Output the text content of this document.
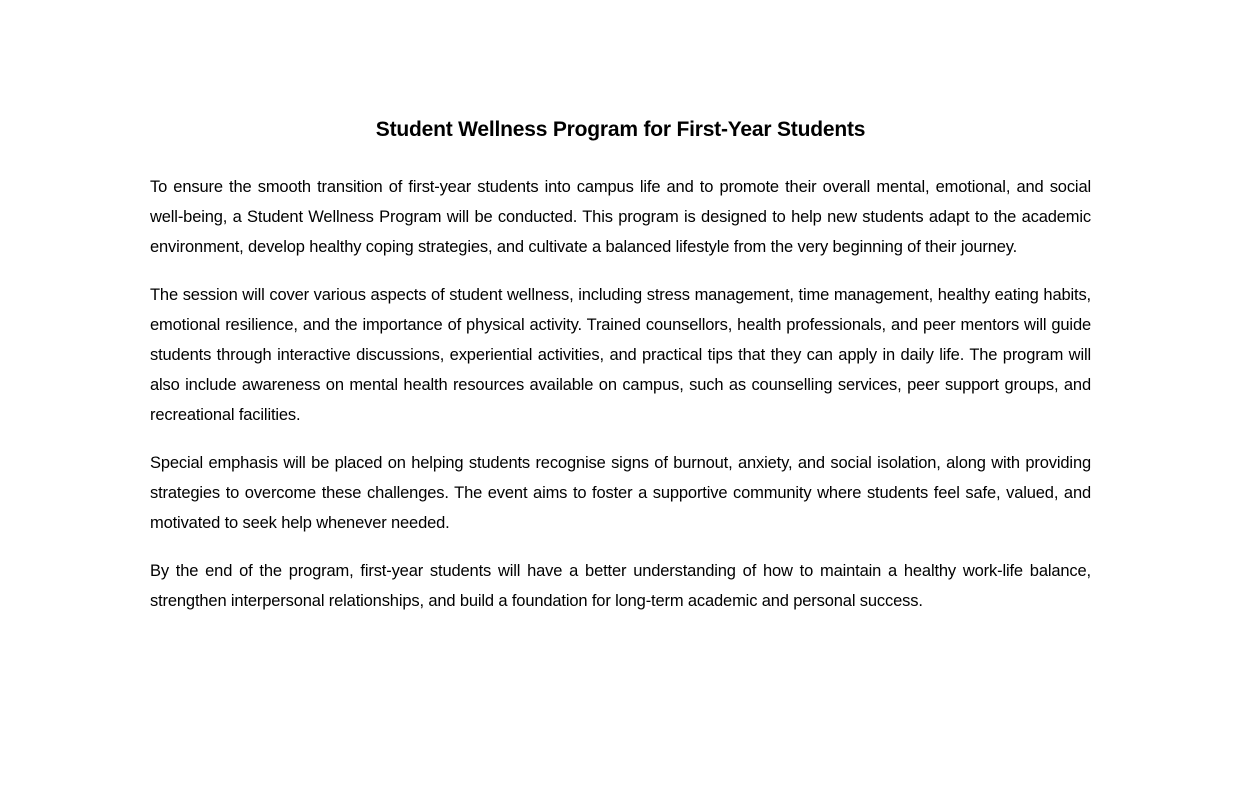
Student Wellness Program for First-Year Students

To ensure the smooth transition of first-year students into campus life and to promote their overall mental, emotional, and social well-being, a Student Wellness Program will be conducted. This program is designed to help new students adapt to the academic environment, develop healthy coping strategies, and cultivate a balanced lifestyle from the very beginning of their journey.

The session will cover various aspects of student wellness, including stress management, time management, healthy eating habits, emotional resilience, and the importance of physical activity. Trained counsellors, health professionals, and peer mentors will guide students through interactive discussions, experiential activities, and practical tips that they can apply in daily life. The program will also include awareness on mental health resources available on campus, such as counselling services, peer support groups, and recreational facilities.

Special emphasis will be placed on helping students recognise signs of burnout, anxiety, and social isolation, along with providing strategies to overcome these challenges. The event aims to foster a supportive community where students feel safe, valued, and motivated to seek help whenever needed.

By the end of the program, first-year students will have a better understanding of how to maintain a healthy work-life balance, strengthen interpersonal relationships, and build a foundation for long-term academic and personal success.
